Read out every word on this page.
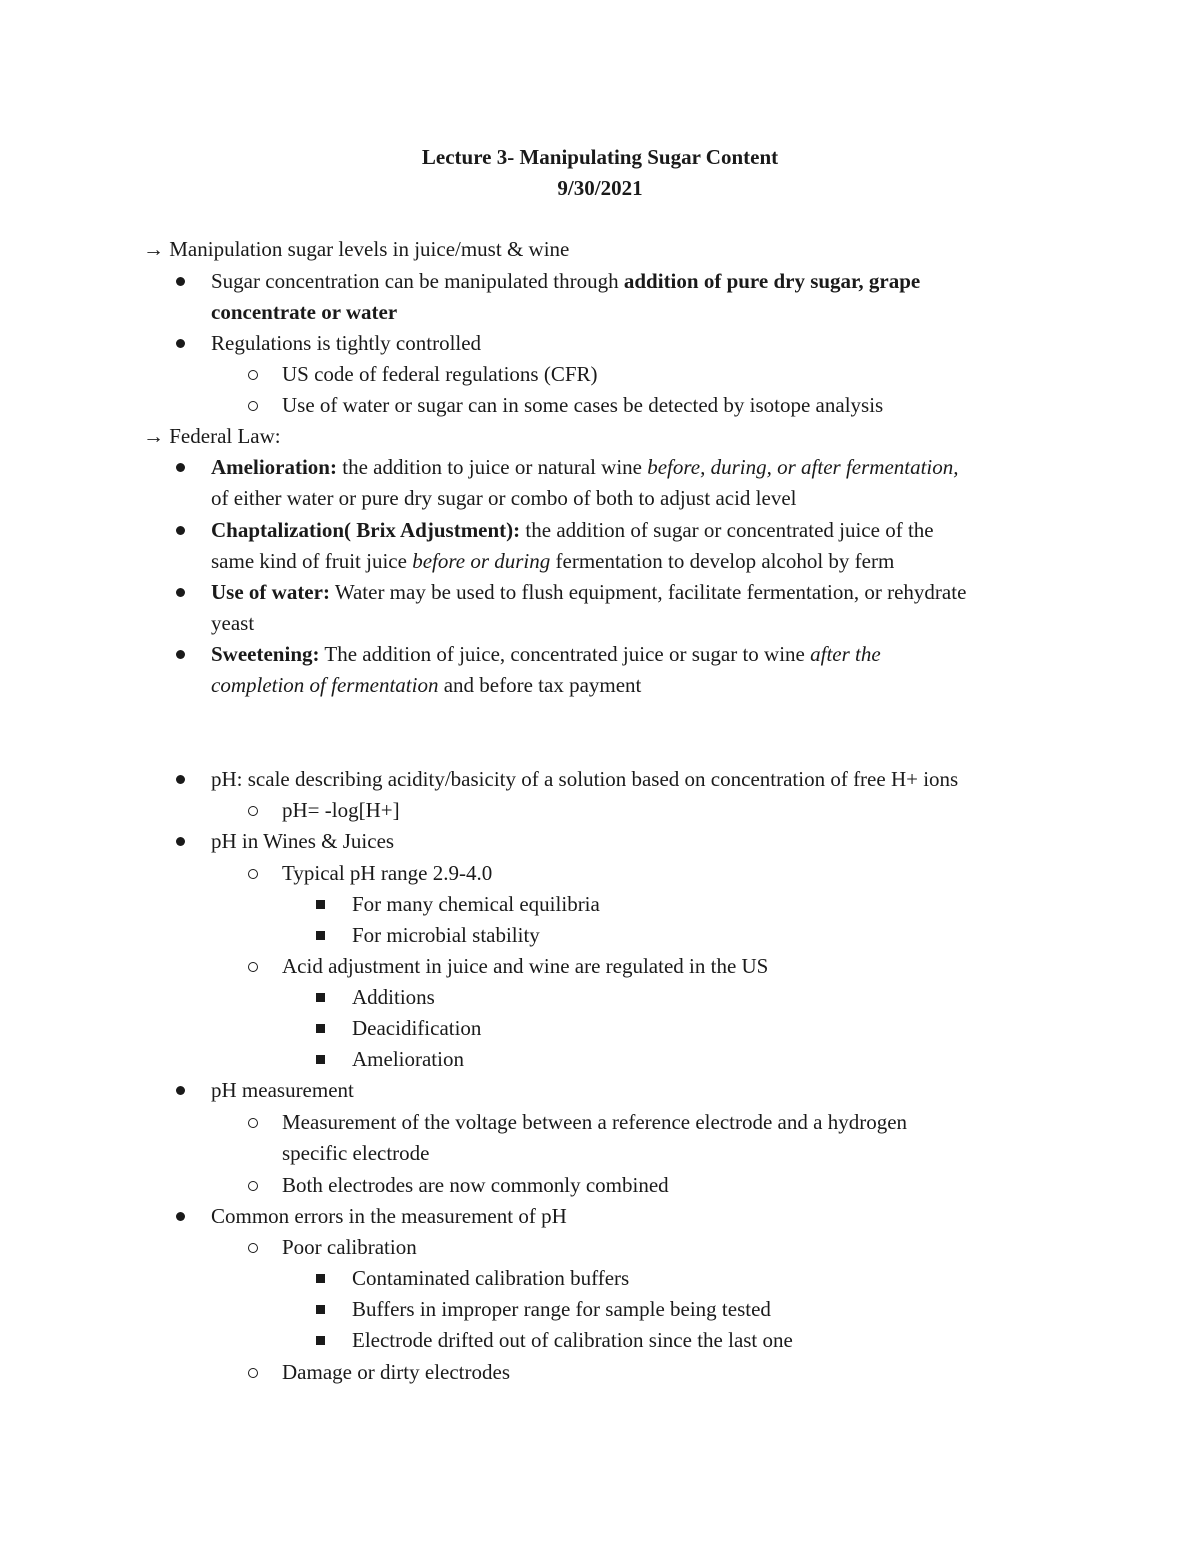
Lecture 3- Manipulating Sugar Content
9/30/2021
→ Manipulation sugar levels in juice/must & wine
Sugar concentration can be manipulated through addition of pure dry sugar, grape
concentrate or water
Regulations is tightly controlled
US code of federal regulations (CFR)
Use of water or sugar can in some cases be detected by isotope analysis
→ Federal Law:
Amelioration: the addition to juice or natural wine before, during, or after fermentation,
of either water or pure dry sugar or combo of both to adjust acid level
Chaptalization( Brix Adjustment): the addition of sugar or concentrated juice of the
same kind of fruit juice before or during fermentation to develop alcohol by ferm
Use of water: Water may be used to flush equipment, facilitate fermentation, or rehydrate
yeast
Sweetening: The addition of juice, concentrated juice or sugar to wine after the
completion of fermentation and before tax payment
pH: scale describing acidity/basicity of a solution based on concentration of free H+ ions
pH= -log[H+]
pH in Wines & Juices
Typical pH range 2.9-4.0
For many chemical equilibria
For microbial stability
Acid adjustment in juice and wine are regulated in the US
Additions
Deacidification
Amelioration
pH measurement
Measurement of the voltage between a reference electrode and a hydrogen
specific electrode
Both electrodes are now commonly combined
Common errors in the measurement of pH
Poor calibration
Contaminated calibration buffers
Buffers in improper range for sample being tested
Electrode drifted out of calibration since the last one
Damage or dirty electrodes
